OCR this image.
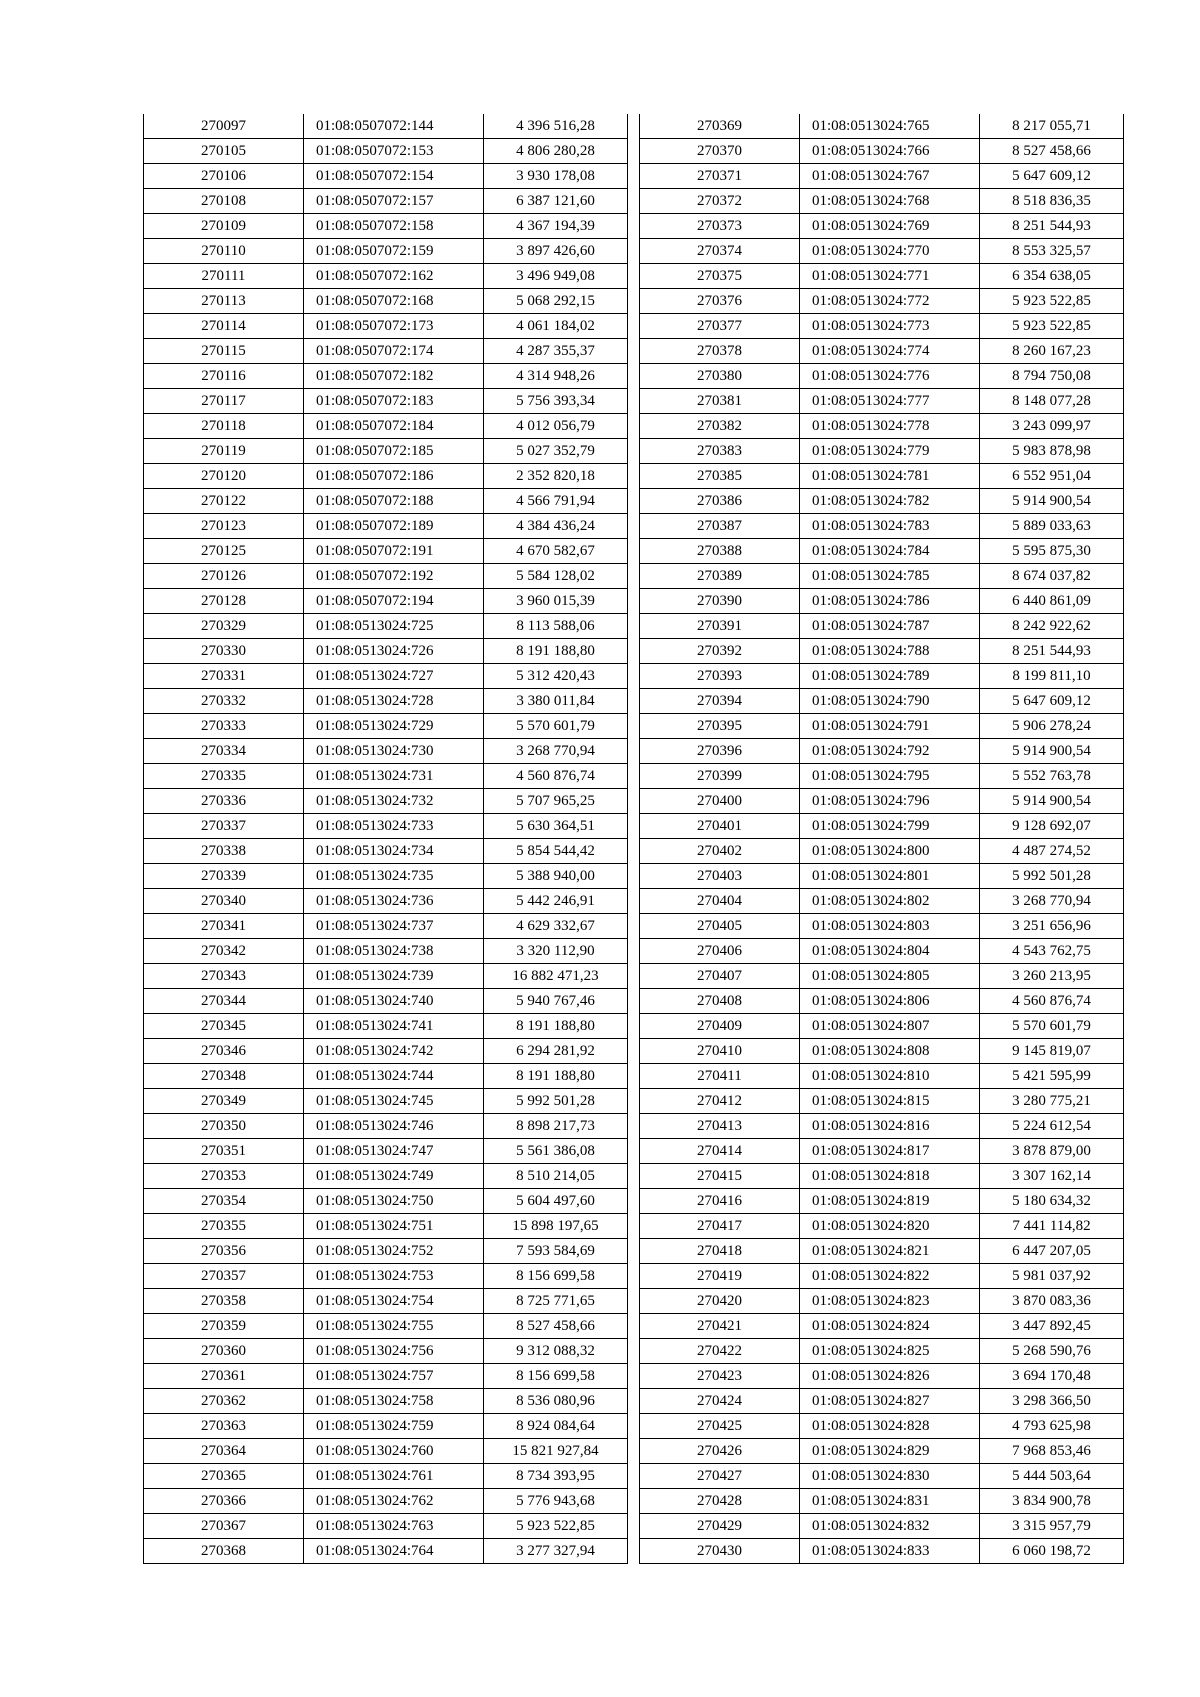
270097	01:08:0507072:144	4 396 516,28
270105	01:08:0507072:153	4 806 280,28
270106	01:08:0507072:154	3 930 178,08
270108	01:08:0507072:157	6 387 121,60
270109	01:08:0507072:158	4 367 194,39
270110	01:08:0507072:159	3 897 426,60
270111	01:08:0507072:162	3 496 949,08
270113	01:08:0507072:168	5 068 292,15
270114	01:08:0507072:173	4 061 184,02
270115	01:08:0507072:174	4 287 355,37
270116	01:08:0507072:182	4 314 948,26
270117	01:08:0507072:183	5 756 393,34
270118	01:08:0507072:184	4 012 056,79
270119	01:08:0507072:185	5 027 352,79
270120	01:08:0507072:186	2 352 820,18
270122	01:08:0507072:188	4 566 791,94
270123	01:08:0507072:189	4 384 436,24
270125	01:08:0507072:191	4 670 582,67
270126	01:08:0507072:192	5 584 128,02
270128	01:08:0507072:194	3 960 015,39
270329	01:08:0513024:725	8 113 588,06
270330	01:08:0513024:726	8 191 188,80
270331	01:08:0513024:727	5 312 420,43
270332	01:08:0513024:728	3 380 011,84
270333	01:08:0513024:729	5 570 601,79
270334	01:08:0513024:730	3 268 770,94
270335	01:08:0513024:731	4 560 876,74
270336	01:08:0513024:732	5 707 965,25
270337	01:08:0513024:733	5 630 364,51
270338	01:08:0513024:734	5 854 544,42
270339	01:08:0513024:735	5 388 940,00
270340	01:08:0513024:736	5 442 246,91
270341	01:08:0513024:737	4 629 332,67
270342	01:08:0513024:738	3 320 112,90
270343	01:08:0513024:739	16 882 471,23
270344	01:08:0513024:740	5 940 767,46
270345	01:08:0513024:741	8 191 188,80
270346	01:08:0513024:742	6 294 281,92
270348	01:08:0513024:744	8 191 188,80
270349	01:08:0513024:745	5 992 501,28
270350	01:08:0513024:746	8 898 217,73
270351	01:08:0513024:747	5 561 386,08
270353	01:08:0513024:749	8 510 214,05
270354	01:08:0513024:750	5 604 497,60
270355	01:08:0513024:751	15 898 197,65
270356	01:08:0513024:752	7 593 584,69
270357	01:08:0513024:753	8 156 699,58
270358	01:08:0513024:754	8 725 771,65
270359	01:08:0513024:755	8 527 458,66
270360	01:08:0513024:756	9 312 088,32
270361	01:08:0513024:757	8 156 699,58
270362	01:08:0513024:758	8 536 080,96
270363	01:08:0513024:759	8 924 084,64
270364	01:08:0513024:760	15 821 927,84
270365	01:08:0513024:761	8 734 393,95
270366	01:08:0513024:762	5 776 943,68
270367	01:08:0513024:763	5 923 522,85
270368	01:08:0513024:764	3 277 327,94
270369	01:08:0513024:765	8 217 055,71
270370	01:08:0513024:766	8 527 458,66
270371	01:08:0513024:767	5 647 609,12
270372	01:08:0513024:768	8 518 836,35
270373	01:08:0513024:769	8 251 544,93
270374	01:08:0513024:770	8 553 325,57
270375	01:08:0513024:771	6 354 638,05
270376	01:08:0513024:772	5 923 522,85
270377	01:08:0513024:773	5 923 522,85
270378	01:08:0513024:774	8 260 167,23
270380	01:08:0513024:776	8 794 750,08
270381	01:08:0513024:777	8 148 077,28
270382	01:08:0513024:778	3 243 099,97
270383	01:08:0513024:779	5 983 878,98
270385	01:08:0513024:781	6 552 951,04
270386	01:08:0513024:782	5 914 900,54
270387	01:08:0513024:783	5 889 033,63
270388	01:08:0513024:784	5 595 875,30
270389	01:08:0513024:785	8 674 037,82
270390	01:08:0513024:786	6 440 861,09
270391	01:08:0513024:787	8 242 922,62
270392	01:08:0513024:788	8 251 544,93
270393	01:08:0513024:789	8 199 811,10
270394	01:08:0513024:790	5 647 609,12
270395	01:08:0513024:791	5 906 278,24
270396	01:08:0513024:792	5 914 900,54
270399	01:08:0513024:795	5 552 763,78
270400	01:08:0513024:796	5 914 900,54
270401	01:08:0513024:799	9 128 692,07
270402	01:08:0513024:800	4 487 274,52
270403	01:08:0513024:801	5 992 501,28
270404	01:08:0513024:802	3 268 770,94
270405	01:08:0513024:803	3 251 656,96
270406	01:08:0513024:804	4 543 762,75
270407	01:08:0513024:805	3 260 213,95
270408	01:08:0513024:806	4 560 876,74
270409	01:08:0513024:807	5 570 601,79
270410	01:08:0513024:808	9 145 819,07
270411	01:08:0513024:810	5 421 595,99
270412	01:08:0513024:815	3 280 775,21
270413	01:08:0513024:816	5 224 612,54
270414	01:08:0513024:817	3 878 879,00
270415	01:08:0513024:818	3 307 162,14
270416	01:08:0513024:819	5 180 634,32
270417	01:08:0513024:820	7 441 114,82
270418	01:08:0513024:821	6 447 207,05
270419	01:08:0513024:822	5 981 037,92
270420	01:08:0513024:823	3 870 083,36
270421	01:08:0513024:824	3 447 892,45
270422	01:08:0513024:825	5 268 590,76
270423	01:08:0513024:826	3 694 170,48
270424	01:08:0513024:827	3 298 366,50
270425	01:08:0513024:828	4 793 625,98
270426	01:08:0513024:829	7 968 853,46
270427	01:08:0513024:830	5 444 503,64
270428	01:08:0513024:831	3 834 900,78
270429	01:08:0513024:832	3 315 957,79
270430	01:08:0513024:833	6 060 198,72
